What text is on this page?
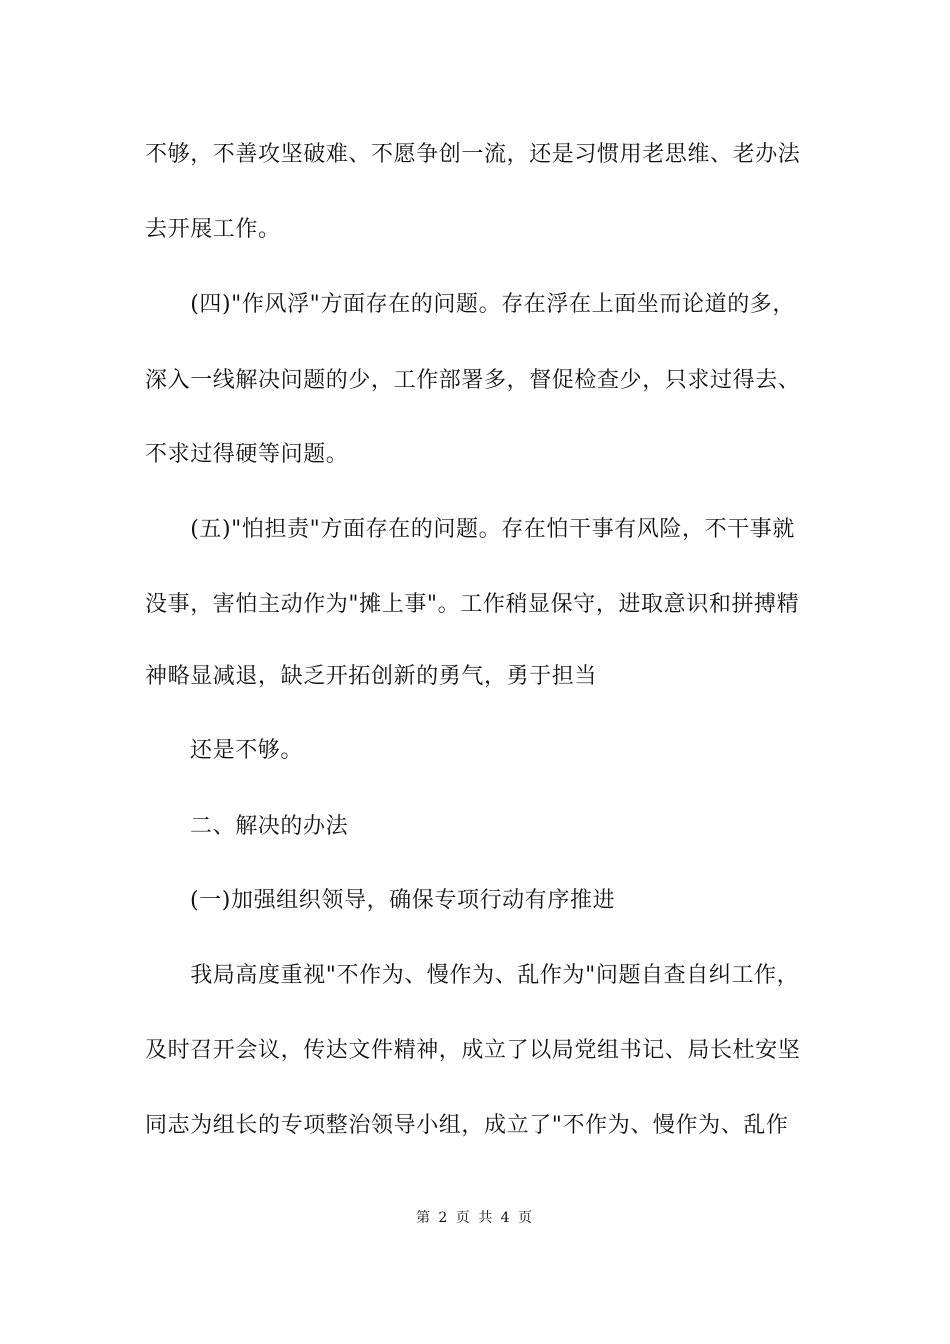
不够，不善攻坚破难、不愿争创一流，还是习惯用老思维、老办法
去开展工作。
　　(四)"作风浮"方面存在的问题。存在浮在上面坐而论道的多，
深入一线解决问题的少，工作部署多，督促检查少，只求过得去、
不求过得硬等问题。
　　(五)"怕担责"方面存在的问题。存在怕干事有风险，不干事就
没事，害怕主动作为"摊上事"。工作稍显保守，进取意识和拼搏精
神略显减退，缺乏开拓创新的勇气，勇于担当
还是不够。
二、解决的办法
(一)加强组织领导，确保专项行动有序推进
　　我局高度重视"不作为、慢作为、乱作为"问题自查自纠工作，
及时召开会议，传达文件精神，成立了以局党组书记、局长杜安坚
同志为组长的专项整治领导小组，成立了"不作为、慢作为、乱作
第 2 页 共 4 页
